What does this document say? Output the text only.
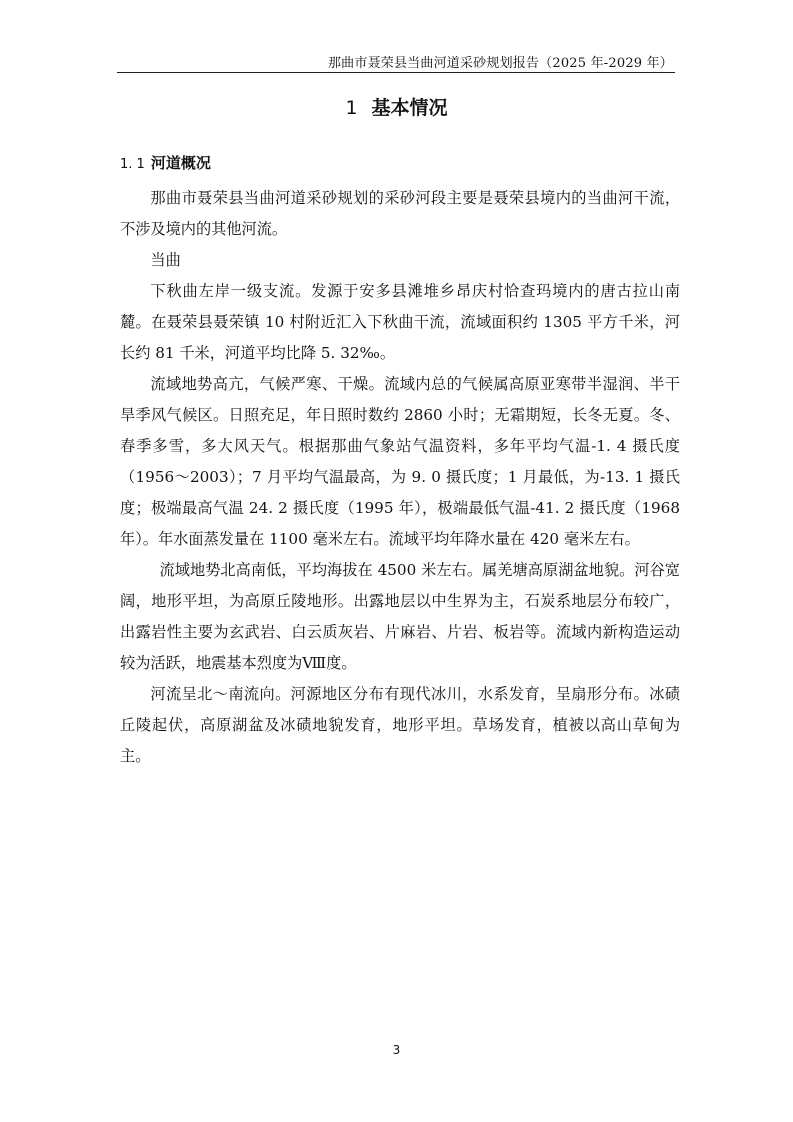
那曲市聂荣县当曲河道采砂规划报告（2025 年-2029 年）
1 基本情况
1. 1 河道概况

那曲市聂荣县当曲河道采砂规划的采砂河段主要是聂荣县境内的当曲河干流，不涉及境内的其他河流。

当曲

下秋曲左岸一级支流。发源于安多县滩堆乡昂庆村恰查玛境内的唐古拉山南麓。在聂荣县聂荣镇 10 村附近汇入下秋曲干流，流域面积约 1305 平方千米，河长约 81 千米，河道平均比降 5. 32‰。

流域地势高亢，气候严寒、干燥。流域内总的气候属高原亚寒带半湿润、半干旱季风气候区。日照充足，年日照时数约 2860 小时；无霜期短，长冬无夏。冬、春季多雪，多大风天气。根据那曲气象站气温资料，多年平均气温-1. 4 摄氏度（1956～2003）；7 月平均气温最高，为 9. 0 摄氏度；1 月最低，为-13. 1 摄氏度；极端最高气温 24. 2 摄氏度（1995 年），极端最低气温-41. 2 摄氏度（1968 年）。年水面蒸发量在 1100 毫米左右。流域平均年降水量在 420 毫米左右。

流域地势北高南低，平均海拔在 4500 米左右。属羌塘高原湖盆地貌。河谷宽阔，地形平坦，为高原丘陵地形。出露地层以中生界为主，石炭系地层分布较广，出露岩性主要为玄武岩、白云质灰岩、片麻岩、片岩、板岩等。流域内新构造运动较为活跃，地震基本烈度为Ⅷ度。

河流呈北～南流向。河源地区分布有现代冰川，水系发育，呈扇形分布。冰碛丘陵起伏，高原湖盆及冰碛地貌发育，地形平坦。草场发育，植被以高山草甸为主。

3
